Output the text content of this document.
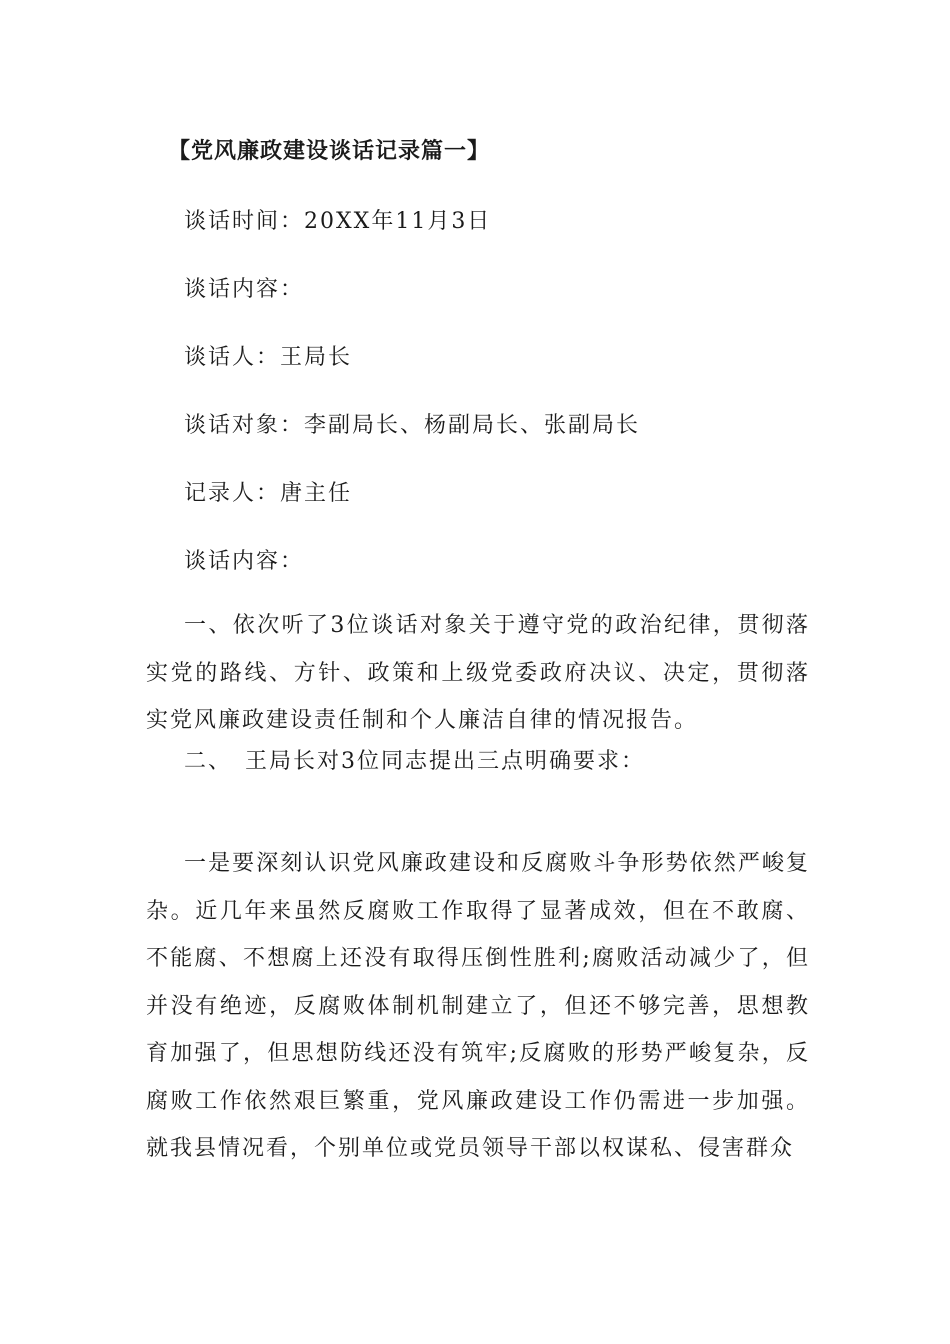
【党风廉政建设谈话记录篇一】
谈话时间：20XX年11月3日
谈话内容：
谈话人：王局长
谈话对象：李副局长、杨副局长、张副局长
记录人：唐主任
谈话内容：

一、依次听了3位谈话对象关于遵守党的政治纪律，贯彻落实党的路线、方针、政策和上级党委政府决议、决定，贯彻落实党风廉政建设责任制和个人廉洁自律的情况报告。

二、　王局长对3位同志提出三点明确要求：

一是要深刻认识党风廉政建设和反腐败斗争形势依然严峻复杂。近几年来虽然反腐败工作取得了显著成效，但在不敢腐、不能腐、不想腐上还没有取得压倒性胜利;腐败活动减少了，但并没有绝迹，反腐败体制机制建立了，但还不够完善，思想教育加强了，但思想防线还没有筑牢;反腐败的形势严峻复杂，反腐败工作依然艰巨繁重，党风廉政建设工作仍需进一步加强。就我县情况看，个别单位或党员领导干部以权谋私、侵害群众
